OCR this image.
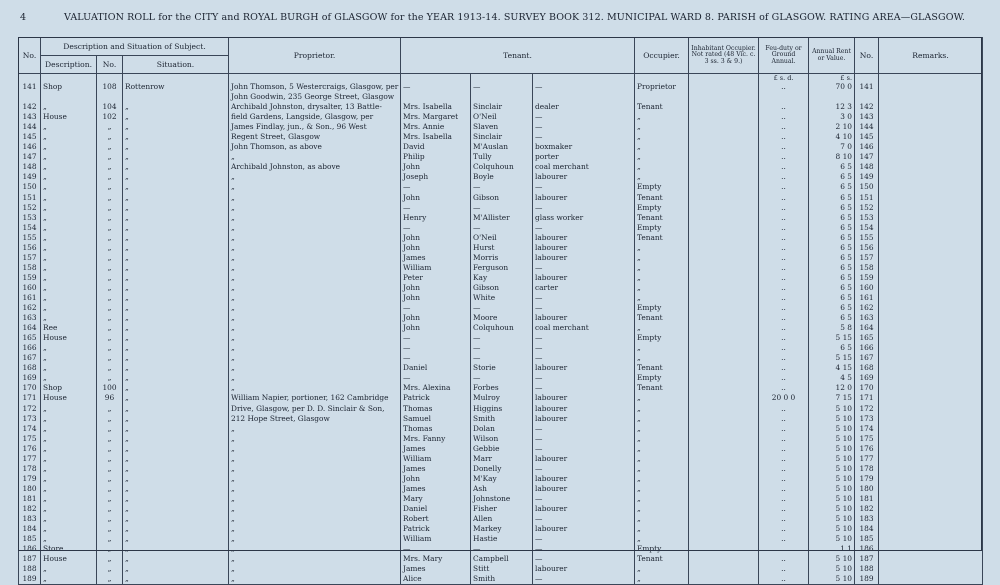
4	VALUATION ROLL for the CITY and ROYAL BURGH of GLASGOW for the YEAR 1913-14. SURVEY BOOK 312. MUNICIPAL WARD 8. PARISH of GLASGOW. RATING AREA—GLASGOW.
No.	Description and Situation of Subject.			Proprietor.	Tenant.			Occupier.	Inhabitant Occupier. Not rated (48 Vic. c. 3 ss. 3 & 9.)	Feu-duty or Ground Annual.	Annual Rent or Value.	No.	Remarks.
	Description.	No.	Situation.										
										£ s. d.	£ s.		
141	Shop	108	Rottenrow	John Thomson, 5 Westercraigs, Glasgow, per	—	—	—	Proprietor		..	70 0	141	
				John Goodwin, 235 George Street, Glasgow									
142	„	104	„	Archibald Johnston, drysalter, 13 Battle-	Mrs. Isabella	Sinclair	dealer	Tenant		..	12 3	142	
143	House	102	„	field Gardens, Langside, Glasgow, per	Mrs. Margaret	O'Neil	—	„		..	3 0	143	
144	„	„	„	James Findlay, jun., & Son., 96 West	Mrs. Annie	Slaven	—	„		..	2 10	144	
145	„	„	„	Regent Street, Glasgow	Mrs. Isabella	Sinclair	—	„		..	4 10	145	
146	„	„	„	John Thomson, as above	David	M'Auslan	boxmaker	„		..	7 0	146	
147	„	„	„	„	Philip	Tully	porter	„		..	8 10	147	
148	„	„	„	Archibald Johnston, as above	John	Colquhoun	coal merchant	„		..	6 5	148	
149	„	„	„	„	Joseph	Boyle	labourer	„		..	6 5	149	
150	„	„	„	„	—	—	—	Empty		..	6 5	150	
151	„	„	„	„	John	Gibson	labourer	Tenant		..	6 5	151	
152	„	„	„	„	—	—	—	Empty		..	6 5	152	
153	„	„	„	„	Henry	M'Allister	glass worker	Tenant		..	6 5	153	
154	„	„	„	„	—	—	—	Empty		..	6 5	154	
155	„	„	„	„	John	O'Neil	labourer	Tenant		..	6 5	155	
156	„	„	„	„	John	Hurst	labourer	„		..	6 5	156	
157	„	„	„	„	James	Morris	labourer	„		..	6 5	157	
158	„	„	„	„	William	Ferguson	—	„		..	6 5	158	
159	„	„	„	„	Peter	Kay	labourer	„		..	6 5	159	
160	„	„	„	„	John	Gibson	carter	„		..	6 5	160	
161	„	„	„	„	John	White	—	„		..	6 5	161	
162	„	„	„	„	—	—	—	Empty		..	6 5	162	
163	„	„	„	„	John	Moore	labourer	Tenant		..	6 5	163	
164	Ree	„	„	„	John	Colquhoun	coal merchant	„		..	5 8	164	
165	House	„	„	„	—	—	—	Empty		..	5 15	165	
166	„	„	„	„	—	—	—	„		..	6 5	166	
167	„	„	„	„	—	—	—	„		..	5 15	167	
168	„	„	„	„	Daniel	Storie	labourer	Tenant		..	4 15	168	
169	„	„	„	„	—	—	—	Empty		..	4 5	169	
170	Shop	100	„	„	Mrs. Alexina	Forbes	—	Tenant		..	12 0	170	
171	House	96	„	William Napier, portioner, 162 Cambridge	Patrick	Mulroy	labourer	„		20 0 0	7 15	171	
172	„	„	„	Drive, Glasgow, per D. D. Sinclair & Son,	Thomas	Higgins	labourer	„		..	5 10	172	
173	„	„	„	212 Hope Street, Glasgow	Samuel	Smith	labourer	„		..	5 10	173	
174	„	„	„	„	Thomas	Dolan	—	„		..	5 10	174	
175	„	„	„	„	Mrs. Fanny	Wilson	—	„		..	5 10	175	
176	„	„	„	„	James	Gebbie	—	„		..	5 10	176	
177	„	„	„	„	William	Marr	labourer	„		..	5 10	177	
178	„	„	„	„	James	Donelly	—	„		..	5 10	178	
179	„	„	„	„	John	M'Kay	labourer	„		..	5 10	179	
180	„	„	„	„	James	Ash	labourer	„		..	5 10	180	
181	„	„	„	„	Mary	Johnstone	—	„		..	5 10	181	
182	„	„	„	„	Daniel	Fisher	labourer	„		..	5 10	182	
183	„	„	„	„	Robert	Allen	—	„		..	5 10	183	
184	„	„	„	„	Patrick	Markey	labourer	„		..	5 10	184	
185	„	„	„	„	William	Hastie	—	„		..	5 10	185	
186	Store	„	„	„	—	—	—	Empty		..	1 1	186	
187	House	„	„	„	Mrs. Mary	Campbell	—	Tenant		..	5 10	187	
188	„	„	„	„	James	Stitt	labourer	„		..	5 10	188	
189	„	„	„	„	Alice	Smith	—	„		..	5 10	189	
